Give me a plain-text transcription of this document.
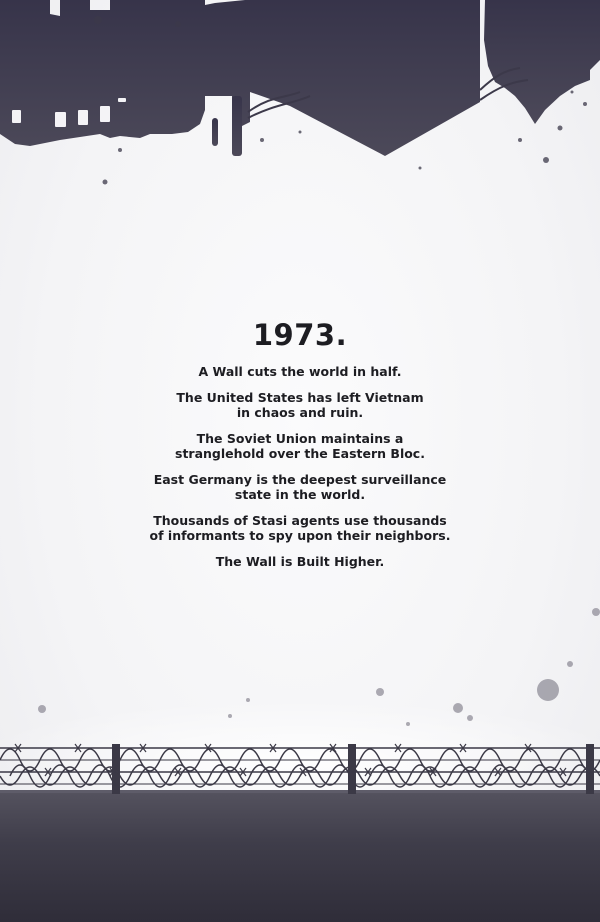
1973.

A Wall cuts the world in half.

The United States has left Vietnam
in chaos and ruin.

The Soviet Union maintains a
stranglehold over the Eastern Bloc.

East Germany is the deepest surveillance
state in the world.

Thousands of Stasi agents use thousands
of informants to spy upon their neighbors.

The Wall is Built Higher.
